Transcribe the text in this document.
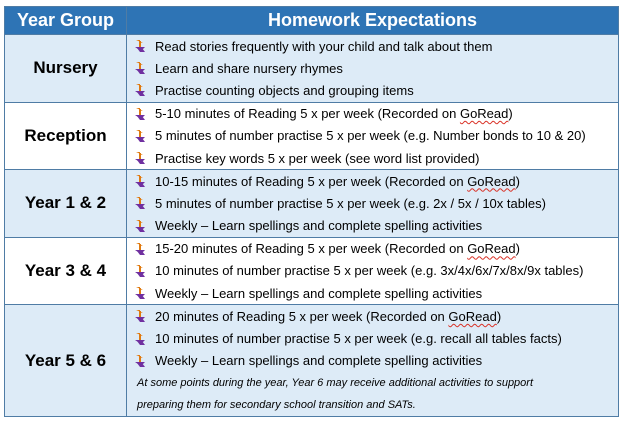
Year Group	Homework Expectations
Nursery	Read stories frequently with your child and talk about them
Learn and share nursery rhymes
Practise counting objects and grouping items

Reception	5-10 minutes of Reading 5 x per week (Recorded on GoRead)
5 minutes of number practise 5 x per week (e.g. Number bonds to 10 & 20)
Practise key words 5 x per week (see word list provided)

Year 1 & 2	10-15 minutes of Reading 5 x per week (Recorded on GoRead)
5 minutes of number practise 5 x per week (e.g. 2x / 5x / 10x tables)
Weekly – Learn spellings and complete spelling activities

Year 3 & 4	15-20 minutes of Reading 5 x per week (Recorded on GoRead)
10 minutes of number practise 5 x per week (e.g. 3x/4x/6x/7x/8x/9x tables)
Weekly – Learn spellings and complete spelling activities

Year 5 & 6	20 minutes of Reading 5 x per week (Recorded on GoRead)
10 minutes of number practise 5 x per week (e.g. recall all tables facts)
Weekly – Learn spellings and complete spelling activities
At some points during the year, Year 6 may receive additional activities to support
preparing them for secondary school transition and SATs.
